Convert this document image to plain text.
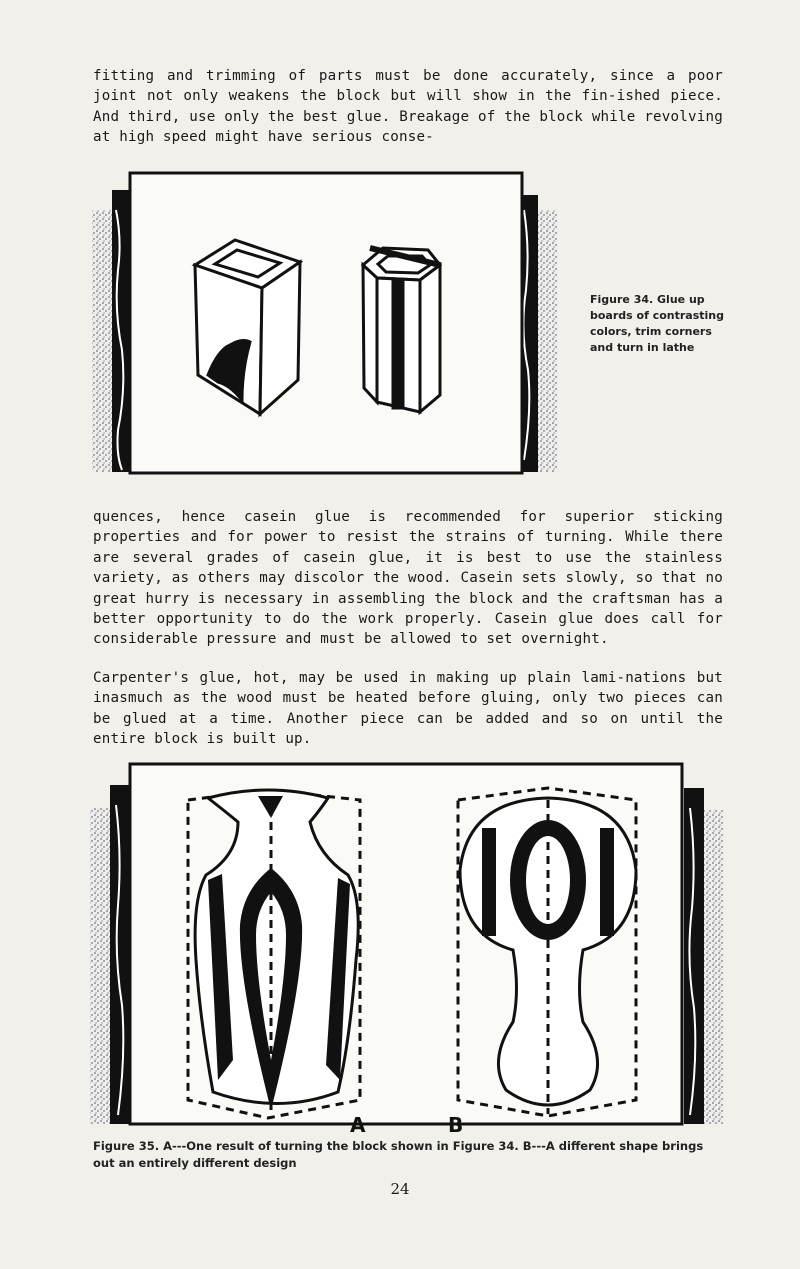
fitting and trimming of parts must be done accurately, since a poor joint not only weakens the block but will show in the fin-ished piece. And third, use only the best glue. Breakage of the block while revolving at high speed might have serious conse-
Figure 34. Glue up boards of contrasting colors, trim corners and turn in lathe
quences, hence casein glue is recommended for superior sticking properties and for power to resist the strains of turning. While there are several grades of casein glue, it is best to use the stainless variety, as others may discolor the wood. Casein sets slowly, so that no great hurry is necessary in assembling the block and the craftsman has a better opportunity to do the work properly. Casein glue does call for considerable pressure and must be allowed to set overnight.
Carpenter's glue, hot, may be used in making up plain lami-nations but inasmuch as the wood must be heated before gluing, only two pieces can be glued at a time. Another piece can be added and so on until the entire block is built up.
A	B
Figure 35. A---One result of turning the block shown in Figure 34. B---A different shape brings out an entirely different design
24
